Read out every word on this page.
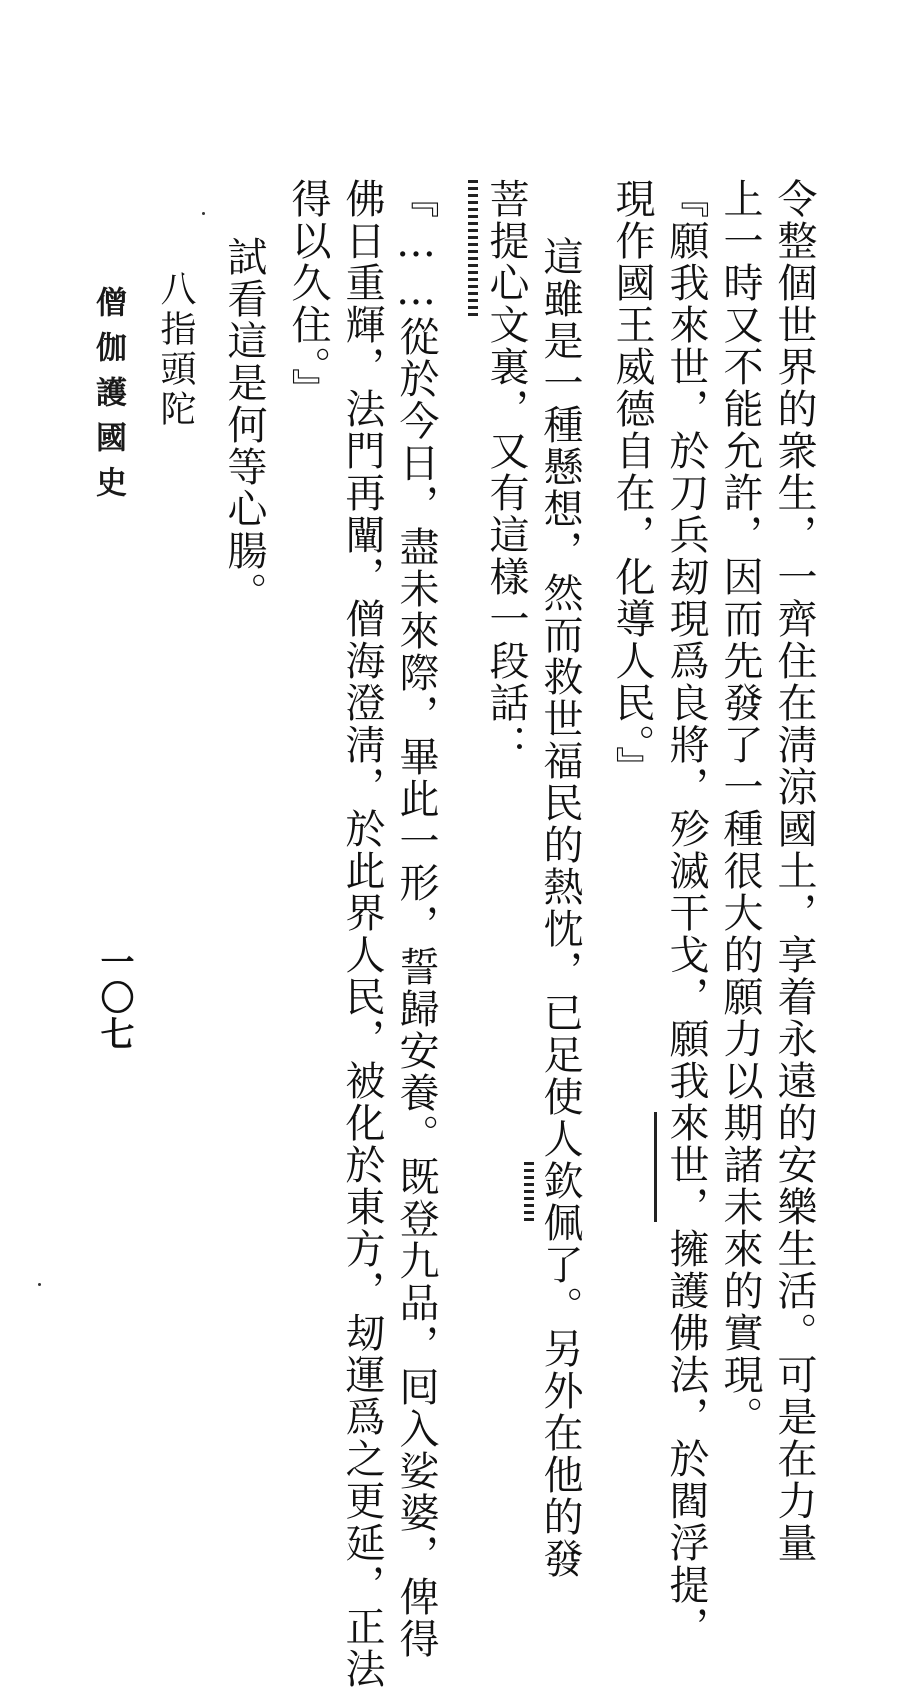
令整個世界的衆生，一齊住在淸涼國土，享着永遠的安樂生活。可是在力量
上一時又不能允許，因而先發了一種很大的願力以期諸未來的實現。
『願我來世，於刀兵刼現爲良將，殄滅干戈，願我來世，擁護佛法，於閻浮提，
現作國王威德自在，化導人民。』
這雖是一種懸想，然而救世福民的熱忱，已足使人欽佩了。另外在他的發
菩提心文裏，又有這樣一段話：
『……從於今日，盡未來際，畢此一形，誓歸安養。既登九品，囘入娑婆，俾得
佛日重輝，法門再闡，僧海澄淸，於此界人民，被化於東方，刼運爲之更延，正法
得以久住。』
試看這是何等心腸。
八指頭陀
僧伽護國史
一〇七
